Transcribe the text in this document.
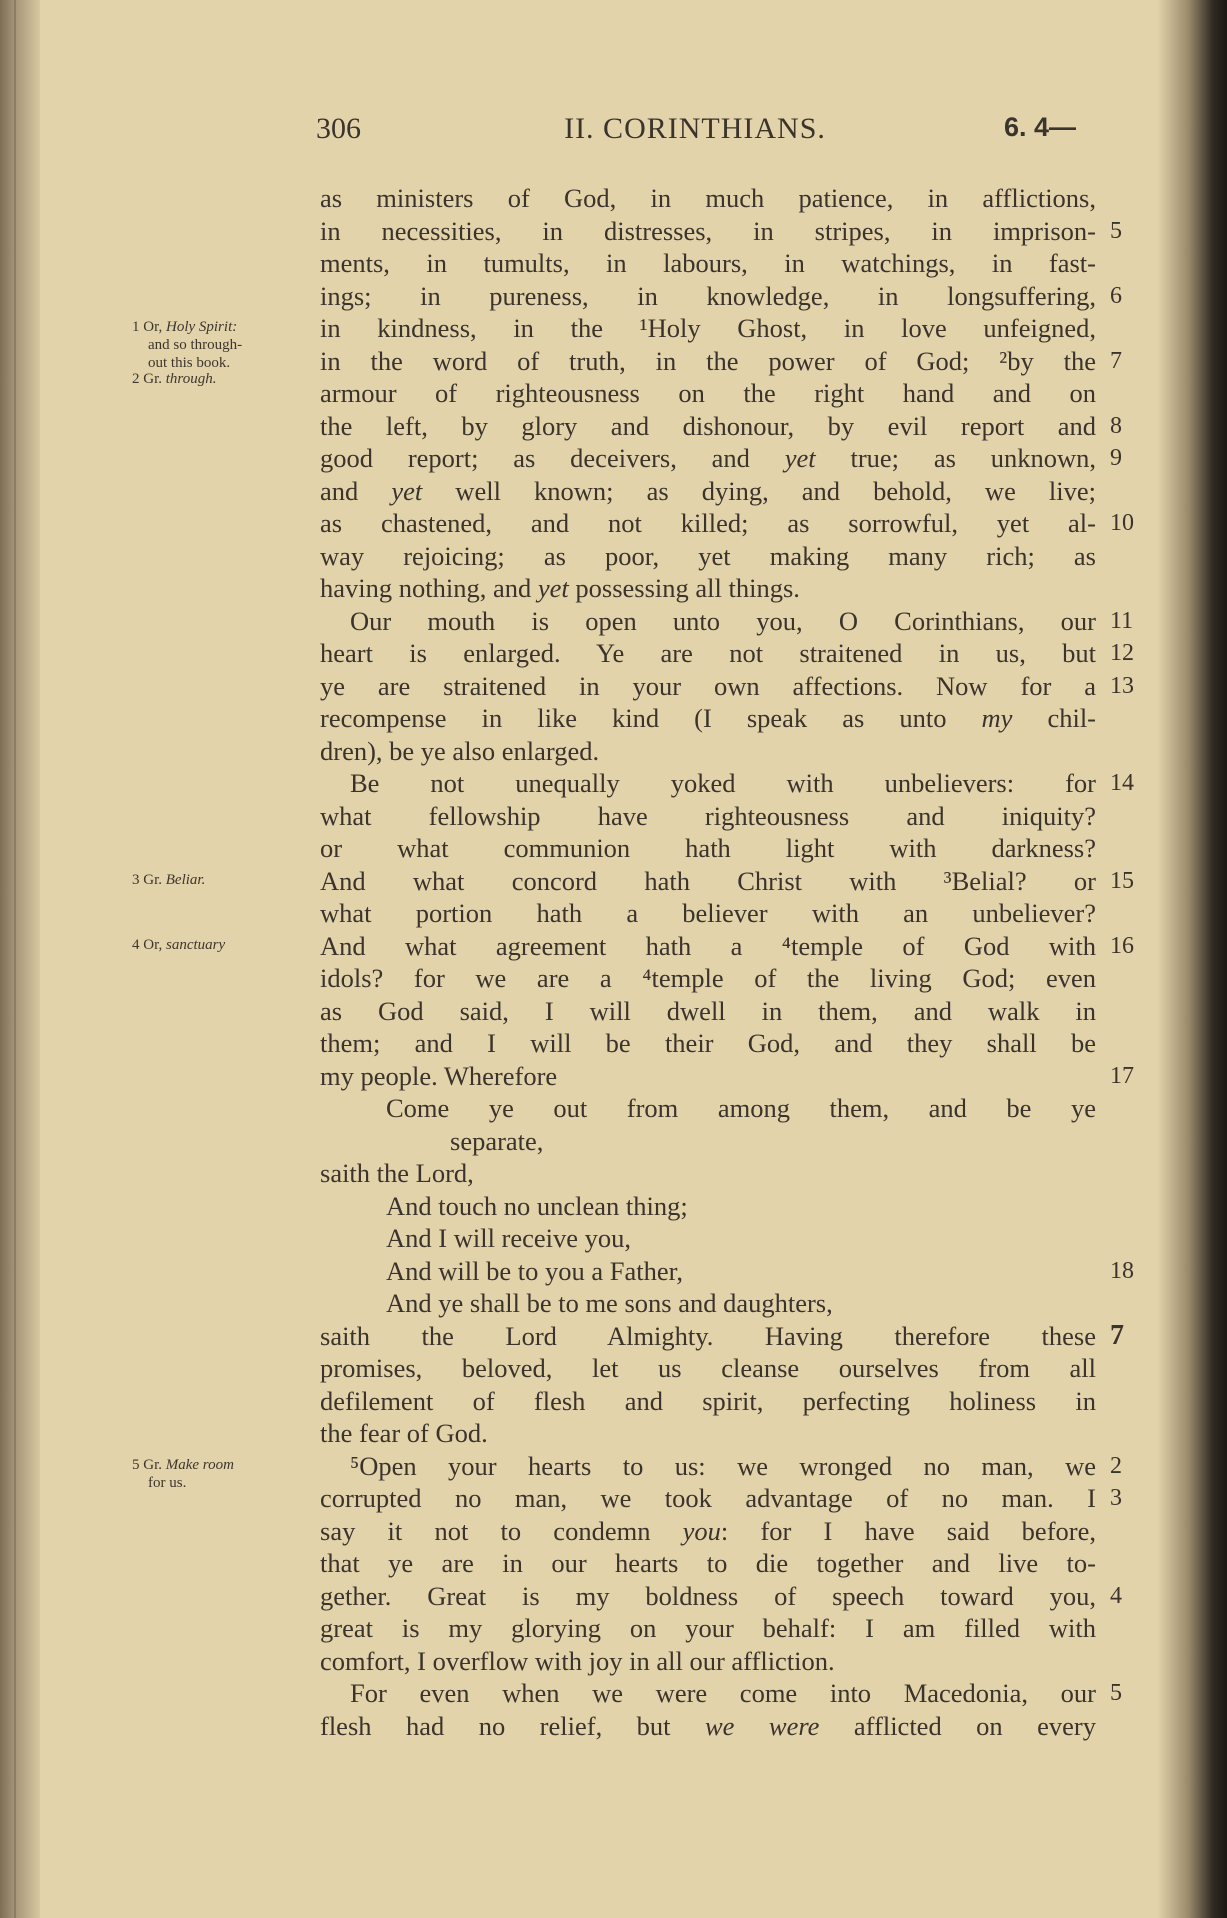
306	II. CORINTHIANS.	6. 4—
1 Or, Holy Spirit:
and so through-
out this book.
2 Gr. through.
3 Gr. Beliar.
4 Or, sanctuary
5 Gr. Make room
for us.
as ministers of God, in much patience, in afflictions,
in necessities, in distresses, in stripes, in imprison- 5
ments, in tumults, in labours, in watchings, in fast-
ings; in pureness, in knowledge, in longsuffering, 6
in kindness, in the ¹Holy Ghost, in love unfeigned,
in the word of truth, in the power of God; ²by the 7
armour of righteousness on the right hand and on
the left, by glory and dishonour, by evil report and 8
good report; as deceivers, and yet true; as unknown, 9
and yet well known; as dying, and behold, we live;
as chastened, and not killed; as sorrowful, yet al- 10
way rejoicing; as poor, yet making many rich; as
having nothing, and yet possessing all things.
Our mouth is open unto you, O Corinthians, our 11
heart is enlarged. Ye are not straitened in us, but 12
ye are straitened in your own affections. Now for a 13
recompense in like kind (I speak as unto my chil-
dren), be ye also enlarged.
Be not unequally yoked with unbelievers: for 14
what fellowship have righteousness and iniquity?
or what communion hath light with darkness?
And what concord hath Christ with ³Belial? or 15
what portion hath a believer with an unbeliever?
And what agreement hath a ⁴temple of God with 16
idols? for we are a ⁴temple of the living God; even
as God said, I will dwell in them, and walk in
them; and I will be their God, and they shall be
my people. Wherefore	17
Come ye out from among them, and be ye
separate,
saith the Lord,
And touch no unclean thing;
And I will receive you,
And will be to you a Father,	18
And ye shall be to me sons and daughters,
saith the Lord Almighty. Having therefore these 7
promises, beloved, let us cleanse ourselves from all
defilement of flesh and spirit, perfecting holiness in
the fear of God.
⁵Open your hearts to us: we wronged no man, we 2
corrupted no man, we took advantage of no man. I 3
say it not to condemn you: for I have said before,
that ye are in our hearts to die together and live to-
gether. Great is my boldness of speech toward you, 4
great is my glorying on your behalf: I am filled with
comfort, I overflow with joy in all our affliction.
For even when we were come into Macedonia, our 5
flesh had no relief, but we were afflicted on every
